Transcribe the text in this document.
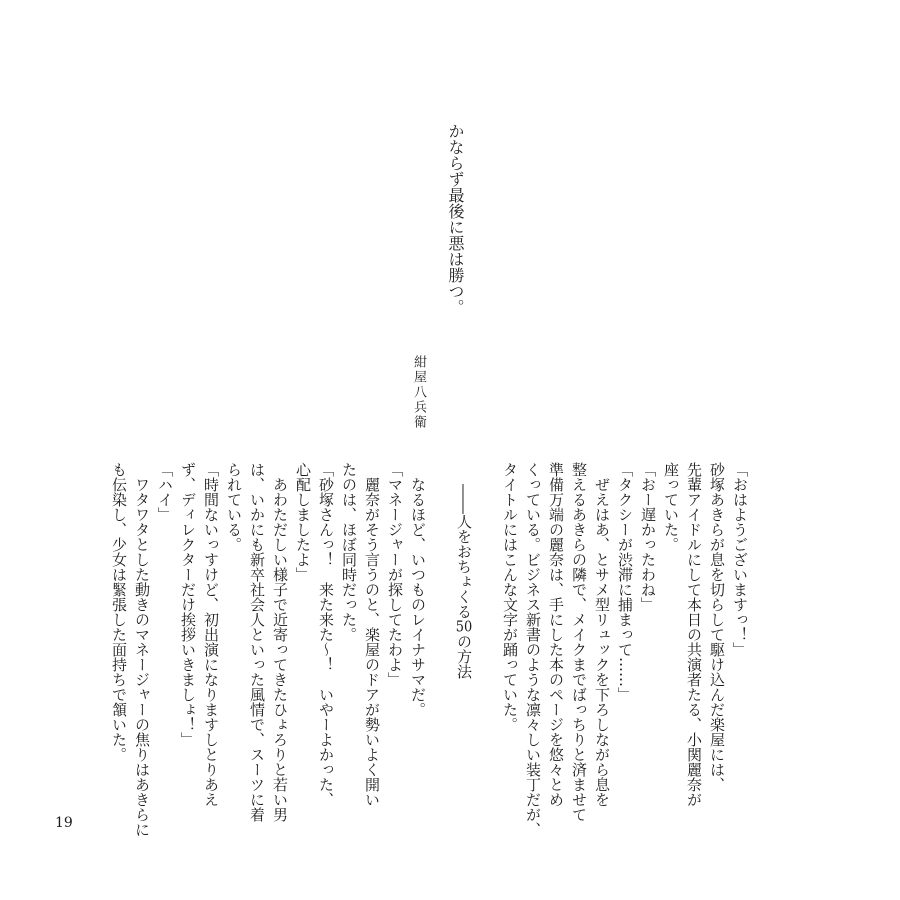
かならず最後に悪は勝つ。
紺屋八兵衛
「おはようございますっ！」
砂塚あきらが息を切らして駆け込んだ楽屋には、
先輩アイドルにして本日の共演者たる、小関麗奈が
座っていた。
「おー遅かったわね」
「タクシーが渋滞に捕まって……」
　ぜえはあ、とサメ型リュックを下ろしながら息を
整えるあきらの隣で、メイクまでばっちりと済ませて
準備万端の麗奈は、手にした本のページを悠々とめ
くっている。ビジネス新書のような凛々しい装丁だが、
タイトルにはこんな文字が踊っていた。
――人をおちょくる50の方法
　なるほど、いつものレイナサマだ。
「マネージャーが探してたわよ」
　麗奈がそう言うのと、楽屋のドアが勢いよく開い
たのは、ほぼ同時だった。
「砂塚さんっ！　来た来た〜！　いやーよかった、
心配しましたよ」
　あわただしい様子で近寄ってきたひょろりと若い男
は、いかにも新卒社会人といった風情で、スーツに着
られている。
「時間ないっすけど、初出演になりますしとりあえ
ず、ディレクターだけ挨拶いきましょ！」
「ハイ」
　ワタワタとした動きのマネージャーの焦りはあきらに
も伝染し、少女は緊張した面持ちで頷いた。
19
